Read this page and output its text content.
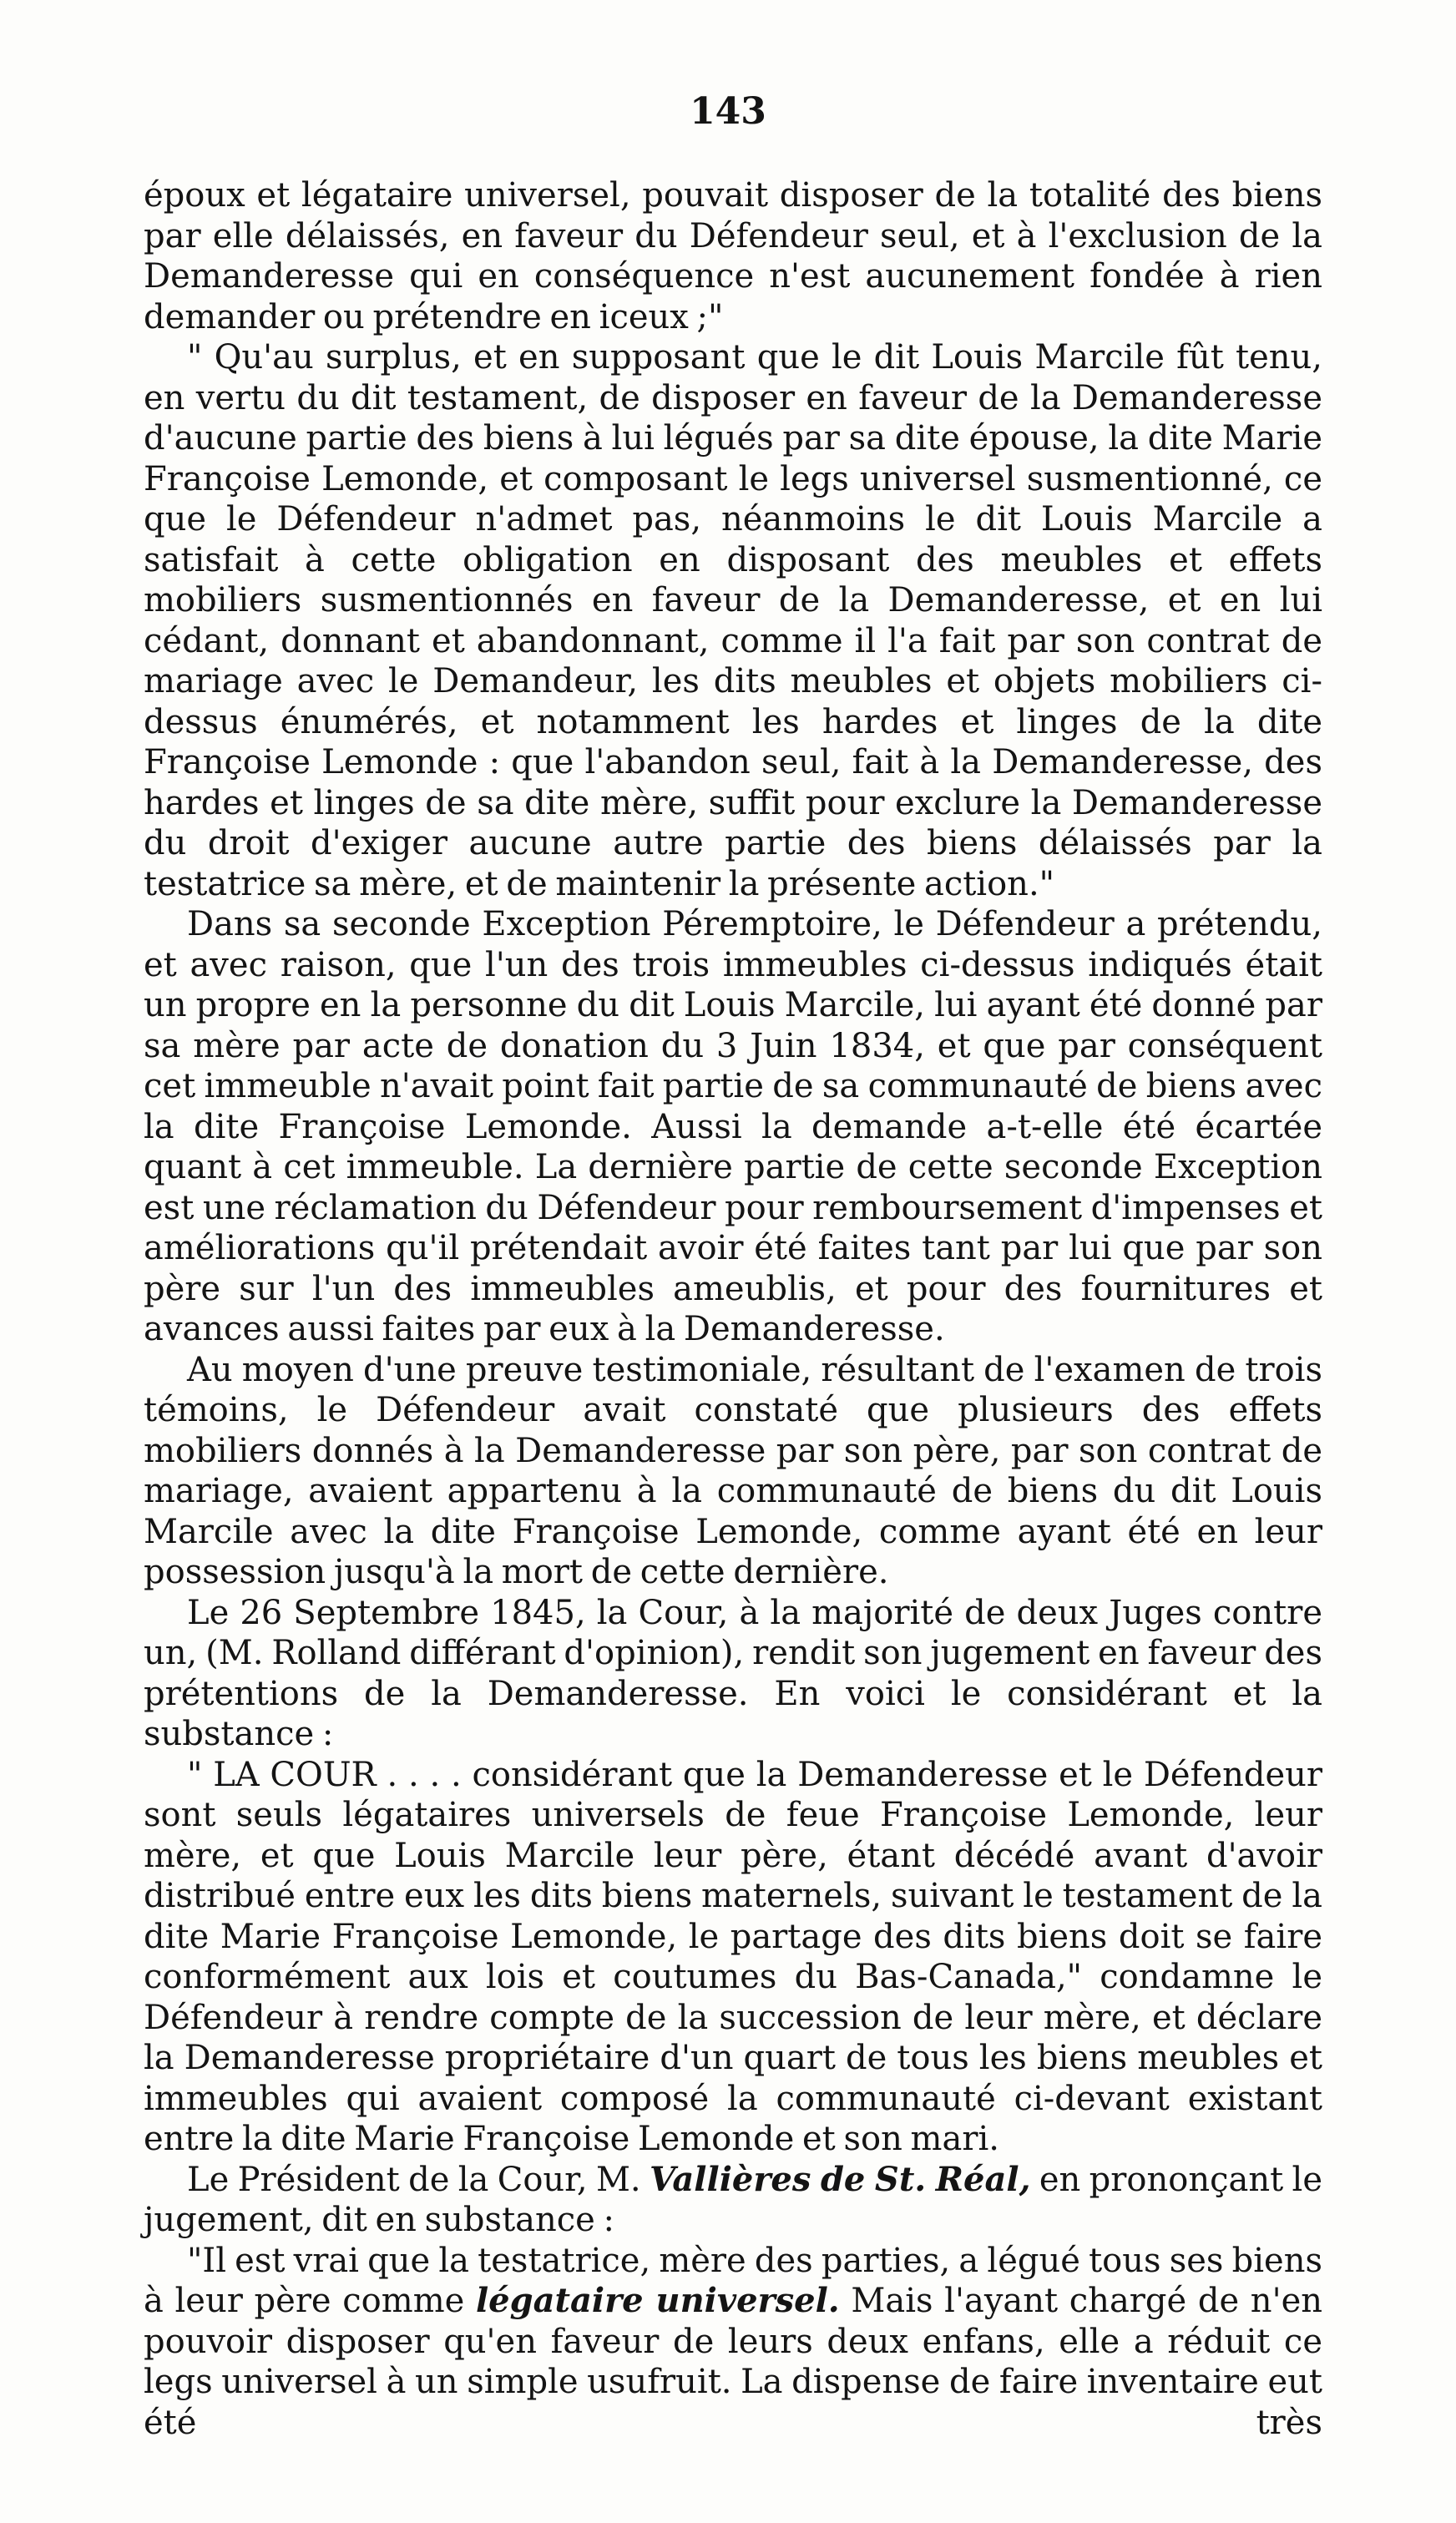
143

époux et légataire universel, pouvait disposer de la totalité des biens par elle délaissés, en faveur du Défendeur seul, et à l'exclusion de la Demanderesse qui en conséquence n'est aucunement fondée à rien demander ou prétendre en iceux ;"

" Qu'au surplus, et en supposant que le dit Louis Marcile fût tenu, en vertu du dit testament, de disposer en faveur de la Demanderesse d'aucune partie des biens à lui légués par sa dite épouse, la dite Marie Françoise Lemonde, et composant le legs universel susmentionné, ce que le Défendeur n'admet pas, néanmoins le dit Louis Marcile a satisfait à cette obligation en disposant des meubles et effets mobiliers susmentionnés en faveur de la Demanderesse, et en lui cédant, donnant et abandonnant, comme il l'a fait par son contrat de mariage avec le Demandeur, les dits meubles et objets mobiliers ci-dessus énumérés, et notamment les hardes et linges de la dite Françoise Lemonde : que l'abandon seul, fait à la Demanderesse, des hardes et linges de sa dite mère, suffit pour exclure la Demanderesse du droit d'exiger aucune autre partie des biens délaissés par la testatrice sa mère, et de maintenir la présente action."

Dans sa seconde Exception Péremptoire, le Défendeur a prétendu, et avec raison, que l'un des trois immeubles ci-dessus indiqués était un propre en la personne du dit Louis Marcile, lui ayant été donné par sa mère par acte de donation du 3 Juin 1834, et que par conséquent cet immeuble n'avait point fait partie de sa communauté de biens avec la dite Françoise Lemonde. Aussi la demande a-t-elle été écartée quant à cet immeuble. La dernière partie de cette seconde Exception est une réclamation du Défendeur pour remboursement d'impenses et améliorations qu'il prétendait avoir été faites tant par lui que par son père sur l'un des immeubles ameublis, et pour des fournitures et avances aussi faites par eux à la Demanderesse.

Au moyen d'une preuve testimoniale, résultant de l'examen de trois témoins, le Défendeur avait constaté que plusieurs des effets mobiliers donnés à la Demanderesse par son père, par son contrat de mariage, avaient appartenu à la communauté de biens du dit Louis Marcile avec la dite Françoise Lemonde, comme ayant été en leur possession jusqu'à la mort de cette dernière.

Le 26 Septembre 1845, la Cour, à la majorité de deux Juges contre un, (M. Rolland différant d'opinion), rendit son jugement en faveur des prétentions de la Demanderesse. En voici le considérant et la substance :

" LA COUR . . . . considérant que la Demanderesse et le Défendeur sont seuls légataires universels de feue Françoise Lemonde, leur mère, et que Louis Marcile leur père, étant décédé avant d'avoir distribué entre eux les dits biens maternels, suivant le testament de la dite Marie Françoise Lemonde, le partage des dits biens doit se faire conformément aux lois et coutumes du Bas-Canada," condamne le Défendeur à rendre compte de la succession de leur mère, et déclare la Demanderesse propriétaire d'un quart de tous les biens meubles et immeubles qui avaient composé la communauté ci-devant existant entre la dite Marie Françoise Lemonde et son mari.

Le Président de la Cour, M. Vallières de St. Réal, en prononçant le jugement, dit en substance :

"Il est vrai que la testatrice, mère des parties, a légué tous ses biens à leur père comme légataire universel. Mais l'ayant chargé de n'en pouvoir disposer qu'en faveur de leurs deux enfans, elle a réduit ce legs universel à un simple usufruit. La dispense de faire inventaire eut été très
